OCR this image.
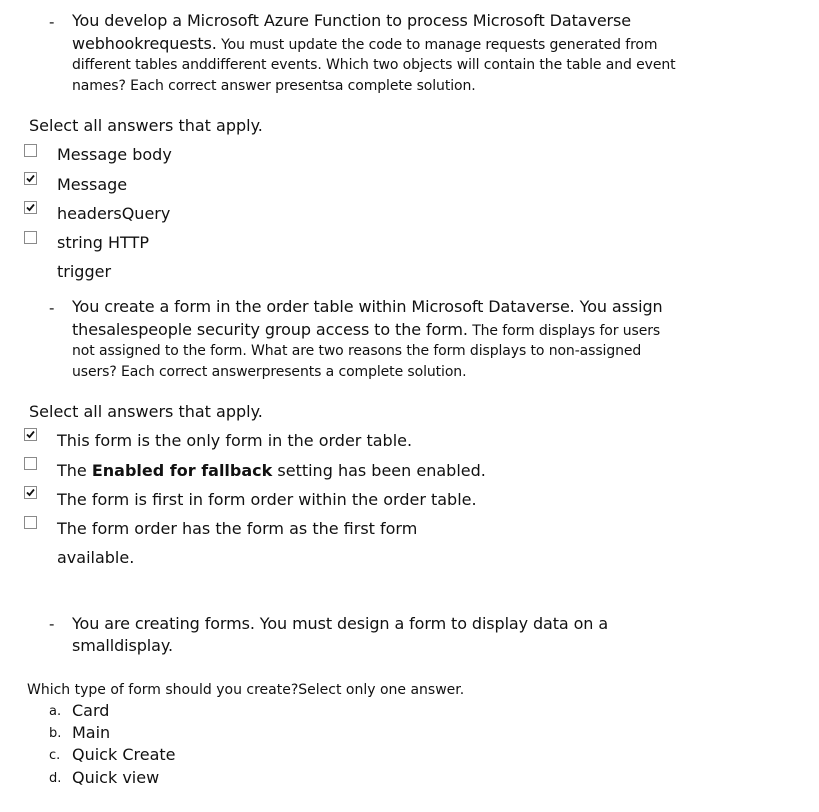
- You develop a Microsoft Azure Function to process Microsoft Dataverse
webhookrequests. You must update the code to manage requests generated from
different tables anddifferent events. Which two objects will contain the table and event
names? Each correct answer presentsa complete solution.
Select all answers that apply.
Message body
Message
headersQuery
string HTTP
trigger
- You create a form in the order table within Microsoft Dataverse. You assign
thesalespeople security group access to the form. The form displays for users
not assigned to the form. What are two reasons the form displays to non-assigned
users? Each correct answerpresents a complete solution.
Select all answers that apply.
This form is the only form in the order table.
The Enabled for fallback setting has been enabled.
The form is first in form order within the order table.
The form order has the form as the first form
available.
- You are creating forms. You must design a form to display data on a
smalldisplay.
Which type of form should you create?Select only one answer.
a. Card
b. Main
c. Quick Create
d. Quick view
